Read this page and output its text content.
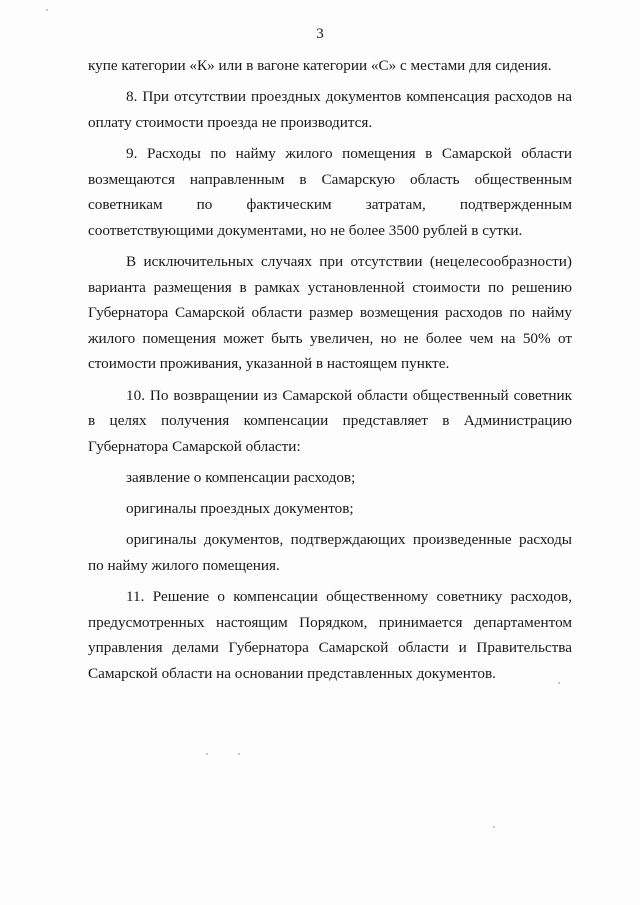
3

купе категории «К» или в вагоне категории «С» с местами для сидения.

8. При отсутствии проездных документов компенсация расходов на оплату стоимости проезда не производится.

9. Расходы по найму жилого помещения в Самарской области возмещаются направленным в Самарскую область общественным советникам по фактическим затратам, подтвержденным соответствующими документами, но не более 3500 рублей в сутки.

В исключительных случаях при отсутствии (нецелесообразности) варианта размещения в рамках установленной стоимости по решению Губернатора Самарской области размер возмещения расходов по найму жилого помещения может быть увеличен, но не более чем на 50% от стоимости проживания, указанной в настоящем пункте.

10. По возвращении из Самарской области общественный советник в целях получения компенсации представляет в Администрацию Губернатора Самарской области:

заявление о компенсации расходов;

оригиналы проездных документов;

оригиналы документов, подтверждающих произведенные расходы по найму жилого помещения.

11. Решение о компенсации общественному советнику расходов, предусмотренных настоящим Порядком, принимается департаментом управления делами Губернатора Самарской области и Правительства Самарской области на основании представленных документов.
